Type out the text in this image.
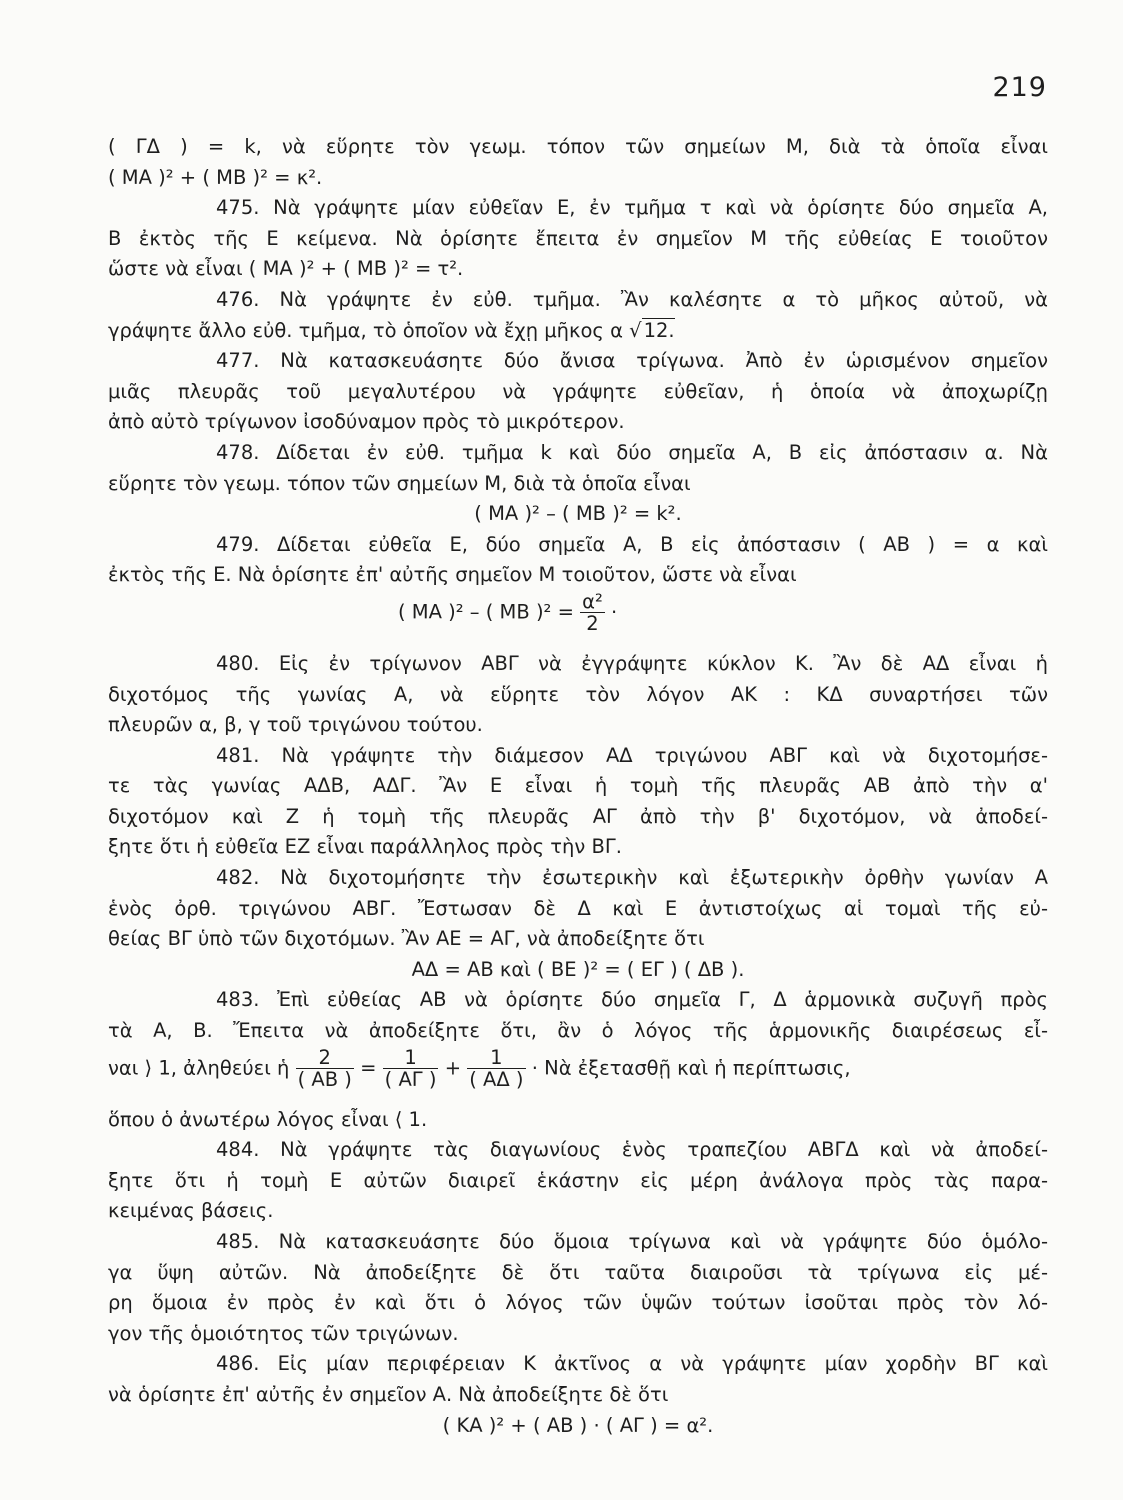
219
( ΓΔ ) = k, νὰ εὕρητε τὸν γεωμ. τόπον τῶν σημείων Μ, διὰ τὰ ὁποῖα εἶναι
( ΜΑ )² + ( ΜΒ )² = κ².
475. Νὰ γράψητε μίαν εὐθεῖαν Ε, ἐν τμῆμα τ καὶ νὰ ὁρίσητε δύο σημεῖα Α,
Β ἐκτὸς τῆς Ε κείμενα. Νὰ ὁρίσητε ἔπειτα ἐν σημεῖον Μ τῆς εὐθείας Ε τοιοῦτον
ὥστε νὰ εἶναι ( ΜΑ )² + ( ΜΒ )² = τ².
476. Νὰ γράψητε ἐν εὐθ. τμῆμα. Ἂν καλέσητε α τὸ μῆκος αὐτοῦ, νὰ
γράψητε ἄλλο εὐθ. τμῆμα, τὸ ὁποῖον νὰ ἔχῃ μῆκος α √ 12.
477. Νὰ κατασκευάσητε δύο ἄνισα τρίγωνα. Ἀπὸ ἐν ὡρισμένον σημεῖον
μιᾶς πλευρᾶς τοῦ μεγαλυτέρου νὰ γράψητε εὐθεῖαν, ἡ ὁποία νὰ ἀποχωρίζῃ
ἀπὸ αὐτὸ τρίγωνον ἰσοδύναμον πρὸς τὸ μικρότερον.
478. Δίδεται ἐν εὐθ. τμῆμα k καὶ δύο σημεῖα Α, Β εἰς ἀπόστασιν α. Νὰ
εὕρητε τὸν γεωμ. τόπον τῶν σημείων Μ, διὰ τὰ ὁποῖα εἶναι
( ΜΑ )² – ( ΜΒ )² = k².
479. Δίδεται εὐθεῖα Ε, δύο σημεῖα Α, Β εἰς ἀπόστασιν ( ΑΒ ) = α καὶ
ἐκτὸς τῆς Ε. Νὰ ὁρίσητε ἐπ' αὐτῆς σημεῖον Μ τοιοῦτον, ὥστε νὰ εἶναι
( ΜΑ )² – ( ΜΒ )$^2 = \frac{\text{α²}}{2}$ ·
480. Εἰς ἐν τρίγωνον ΑΒΓ νὰ ἐγγράψητε κύκλον Κ. Ἂν δὲ ΑΔ εἶναι ἡ
διχοτόμος τῆς γωνίας Α, νὰ εὕρητε τὸν λόγον ΑΚ : ΚΔ συναρτήσει τῶν
πλευρῶν α, β, γ τοῦ τριγώνου τούτου.
481. Νὰ γράψητε τὴν διάμεσον ΑΔ τριγώνου ΑΒΓ καὶ νὰ διχοτομήσε-
τε τὰς γωνίας ΑΔΒ, ΑΔΓ. Ἂν Ε εἶναι ἡ τομὴ τῆς πλευρᾶς ΑΒ ἀπὸ τὴν α'
διχοτόμον καὶ Ζ ἡ τομὴ τῆς πλευρᾶς ΑΓ ἀπὸ τὴν β' διχοτόμον, νὰ ἀποδεί-
ξητε ὅτι ἡ εὐθεῖα ΕΖ εἶναι παράλληλος πρὸς τὴν ΒΓ.
482. Νὰ διχοτομήσητε τὴν ἐσωτερικὴν καὶ ἐξωτερικὴν ὀρθὴν γωνίαν Α
ἑνὸς ὀρθ. τριγώνου ΑΒΓ. Ἔστωσαν δὲ Δ καὶ Ε ἀντιστοίχως αἱ τομαὶ τῆς εὐ-
θείας ΒΓ ὑπὸ τῶν διχοτόμων. Ἂν ΑΕ = ΑΓ, νὰ ἀποδείξητε ὅτι
ΑΔ = ΑΒ καὶ ( ΒΕ )² = ( ΕΓ ) ( ΔΒ ).
483. Ἐπὶ εὐθείας ΑΒ νὰ ὁρίσητε δύο σημεῖα Γ, Δ ἁρμονικὰ συζυγῆ πρὸς
τὰ Α, Β. Ἔπειτα νὰ ἀποδείξητε ὅτι, ἂν ὁ λόγος τῆς ἁρμονικῆς διαιρέσεως εἶ-
ναι ⟩ 1, ἀληθεύει ἡ $\frac{2}{( AB )} = \frac{1}{( A\Gamma )} + \frac{1}{( A\Delta )}$ · Νὰ ἐξετασθῇ καὶ ἡ περίπτωσις,
ὅπου ὁ ἀνωτέρω λόγος εἶναι ⟨ 1.
484. Νὰ γράψητε τὰς διαγωνίους ἑνὸς τραπεζίου ΑΒΓΔ καὶ νὰ ἀποδεί-
ξητε ὅτι ἡ τομὴ Ε αὐτῶν διαιρεῖ ἑκάστην εἰς μέρη ἀνάλογα πρὸς τὰς παρα-
κειμένας βάσεις.
485. Νὰ κατασκευάσητε δύο ὅμοια τρίγωνα καὶ νὰ γράψητε δύο ὁμόλο-
γα ὕψη αὐτῶν. Νὰ ἀποδείξητε δὲ ὅτι ταῦτα διαιροῦσι τὰ τρίγωνα εἰς μέ-
ρη ὅμοια ἐν πρὸς ἐν καὶ ὅτι ὁ λόγος τῶν ὑψῶν τούτων ἰσοῦται πρὸς τὸν λό-
γον τῆς ὁμοιότητος τῶν τριγώνων.
486. Εἰς μίαν περιφέρειαν Κ ἀκτῖνος α νὰ γράψητε μίαν χορδὴν ΒΓ καὶ
νὰ ὁρίσητε ἐπ' αὐτῆς ἐν σημεῖον Α. Νὰ ἀποδείξητε δὲ ὅτι
( ΚΑ )² + ( ΑΒ ) · ( ΑΓ ) = α².
